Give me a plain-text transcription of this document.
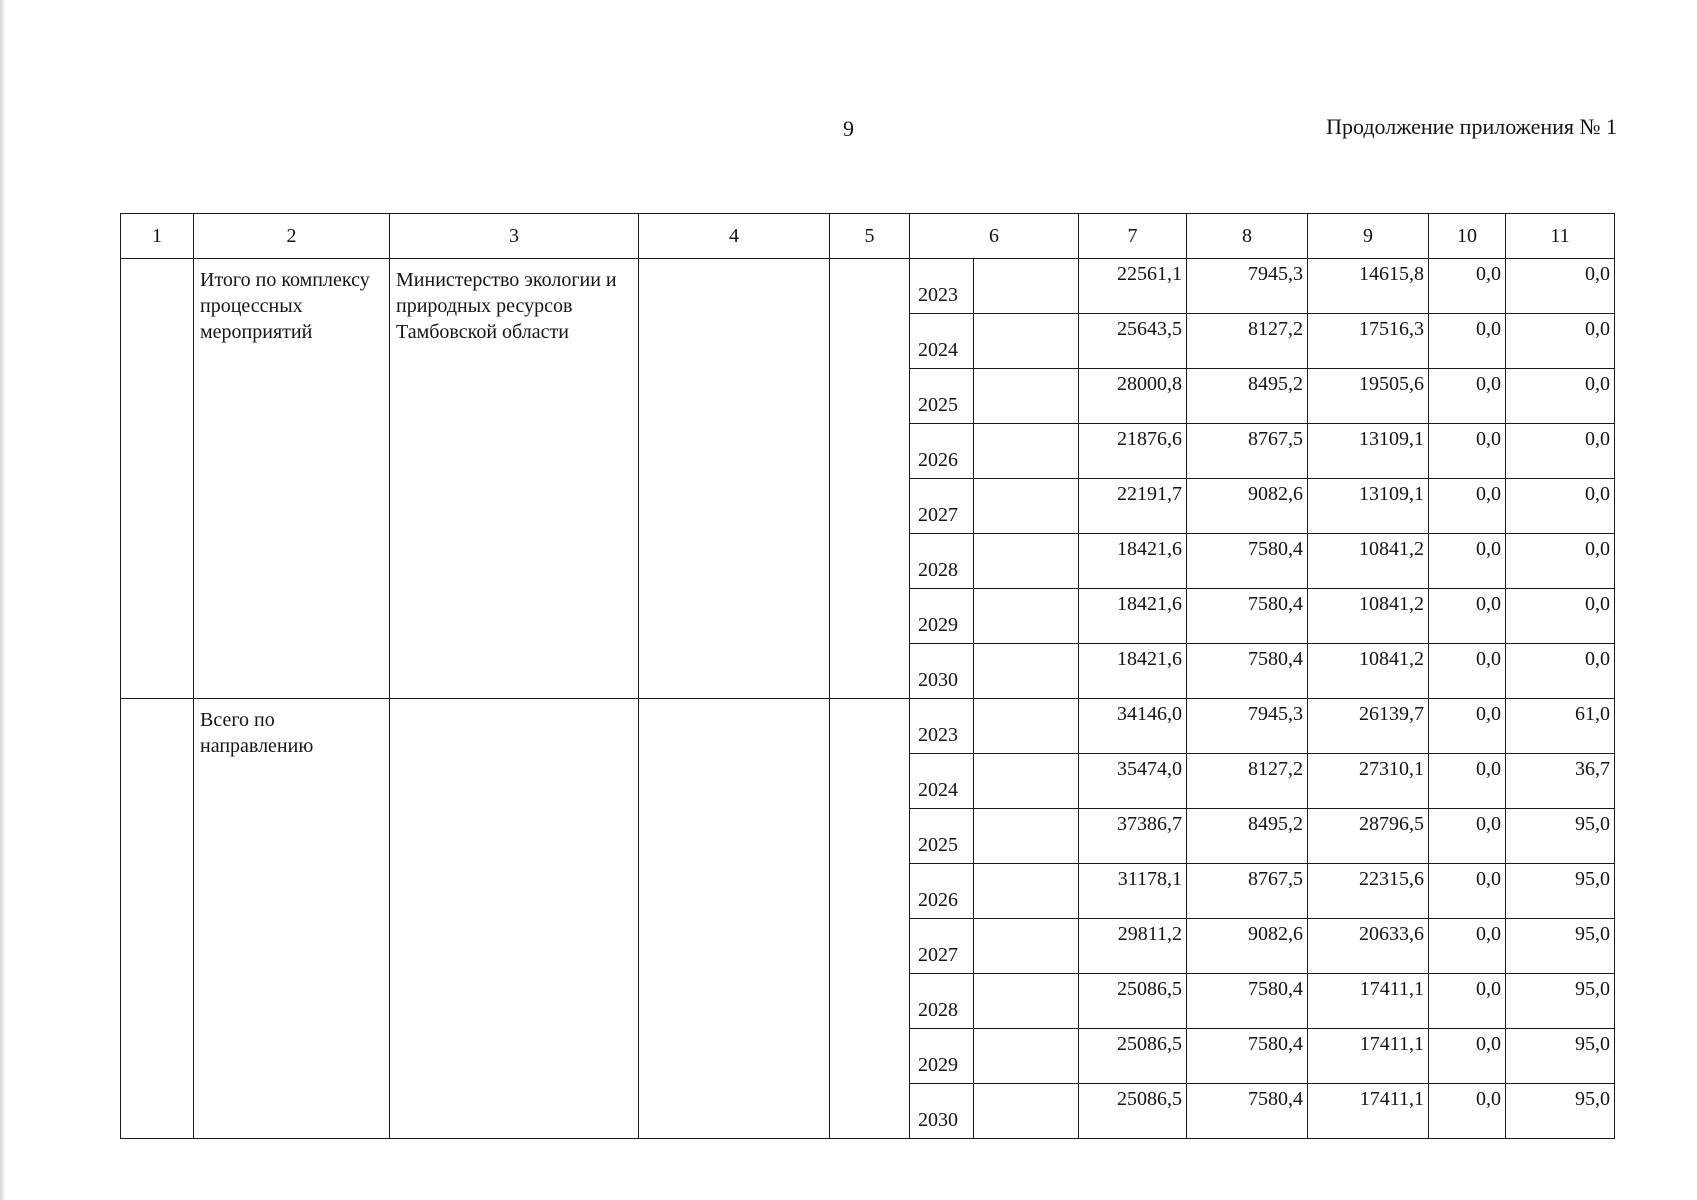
9	Продолжение приложения № 1
1	2	3	4	5	6		7	8	9	10	11
	Итого по комплексу процессных мероприятий	Министерство экологии и природных ресурсов Тамбовской области			2023		22561,1	7945,3	14615,8	0,0	0,0
					2024		25643,5	8127,2	17516,3	0,0	0,0
					2025		28000,8	8495,2	19505,6	0,0	0,0
					2026		21876,6	8767,5	13109,1	0,0	0,0
					2027		22191,7	9082,6	13109,1	0,0	0,0
					2028		18421,6	7580,4	10841,2	0,0	0,0
					2029		18421,6	7580,4	10841,2	0,0	0,0
					2030		18421,6	7580,4	10841,2	0,0	0,0
	Всего по направлению				2023		34146,0	7945,3	26139,7	0,0	61,0
					2024		35474,0	8127,2	27310,1	0,0	36,7
					2025		37386,7	8495,2	28796,5	0,0	95,0
					2026		31178,1	8767,5	22315,6	0,0	95,0
					2027		29811,2	9082,6	20633,6	0,0	95,0
					2028		25086,5	7580,4	17411,1	0,0	95,0
					2029		25086,5	7580,4	17411,1	0,0	95,0
					2030		25086,5	7580,4	17411,1	0,0	95,0
